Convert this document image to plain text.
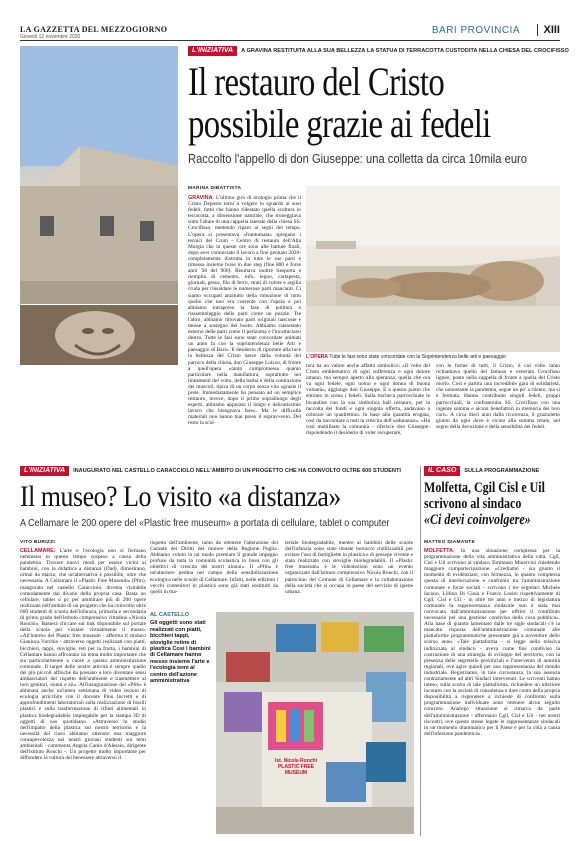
LA GAZZETTA DEL MEZZOGIORNO
Giovedì 12 novembre 2020
BARI PROVINCIA	XIII
L'INIZIATIVA	A GRAVINA RESTITUITA ALLA SUA BELLEZZA LA STATUA DI TERRACOTTA CUSTODITA NELLA CHIESA DEL CROCIFISSO
Il restauro del Cristo
possibile grazie ai fedeli
Raccolto l'appello di don Giuseppe: una colletta da circa 10mila euro
MARINA DIBATTISTA
GRAVINA. L'ultimo giro di orologio prima che il Cristo Deposto torni a volgere lo sguardo ai suoi fedeli; fatto che hanno ridestato quella scultura in terracotta, a dimensione naturale, che troneggiava sotto l'altare di una cappella laterale della chiesa SS. Crocifisso, mettendo riparo ai segni del tempo. L'opera si presentava «frantumata» spiegano i tecnici del Crum - Centro di restauro dell'Alta Murgia che in queste ore sono alle battute finali, dopo aver cominciato il lavoro a fine gennaio 2020- completamente distrutta in tutte le sue parti e rimessa insieme forse in due step (fine 800 e forse anni '30 del 900). Risultava inoltre riesporta e riempita di cemento, tufo, legno, cartapesta, giornali, gesso, filo di ferro, strati di colore e argilla cruda per rinsaldare le numerose parti mancanti. Ci siamo occupati anzitutto della rimozione di tutto quello che non era coerente con l'opera e poi abbiamo intrapreso la fase di pulitura e riassemblaggio delle parti come un puzzle. Tre l'altro, abbiamo ritrovato parti originali nascoste e messe a sostegno del busto. Abbiamo riassestato esterno delle parti come il perizoma e l'incamiciarsi destro. Tutte le fasi sono state concordate animati un anno fa con la soprintendenza belle Arti e paesaggio di Bari». Il desiderio di riportare alla luce la bellezza del Cristo nasce dalla volontà del parroco della chiesa, don Giuseppe Loizzo, di fronte a quell'opera «tanto compromessa quanto particolare nella manifattura, soprattutto nei lineamenti del volto, della barba e della contrazione dei muscoli, tipica di un corpo senza vita «grazie il prete. Immediatamente ho pensato ad un semplice restauro, invece, dopo il primo sopralluogo degli esperti, abbiamo appurato il lungo e delicatissimo lavoro che bisognava fare». Ma le difficoltà materiali non hanno mai preso il sopravvento. Del resto la scul-
L'OPERA Tutte le fasi sono state concordate con la Soprintendenza belle arti e paesaggio
tura ha un valore anche affatto simbolico: «Il volto del Cristo emblematico di ogni sofferenza e ogni dolore umano, ma sempre aperto alla speranza, quella che ora va ogni fedele, ogni uomo e ogni donna di buona volontà», aggiunge don Giuseppe. E a questo punto che entrano in scena i fedeli. Sulla bacheca parrocchiale le locandine con la sua simbolica ball restauro, per la raccolta dei fondi e ogni singola offerta, andavano a colorare un quadrettino. In base alla quantità erogata, così da raccontare a tutti la crescita dell'«adunanza». «Ha così mobilitato la comunità - riferisce don Giuseppe- rispondendo il desiderio di voler recuperare,
con le forme di tutti, il Cristo, il cui volto tanto richiamava quello del famoso e venerato Crocifisso ligneo, posto nella cappella di fronte a quella del Cristo morto. Così e partita una incredibile gara di solidarietà, che nonostante la pandemia, segue un po' a rilento, ma si è fermata. Hanno contribuito singoli fedeli, gruppi parrocchiali, la confraternita SS. Crocifisso con una ingente somma e alcuni benefattori in memoria dei loro cari». A circa dieci anni dalla ricorrenza, il grazioletto giunto da ogni dove è vicino alla somma totale, nel segno della devozione e della sensibilità dei fedeli.
L'INIZIATIVA	INAUGURATO NEL CASTELLO CARACCIOLO NELL'AMBITO DI UN PROGETTO CHE HA COINVOLTO OLTRE 600 STUDENTI
Il museo? Lo visito «a distanza»
A Cellamare le 200 opere del «Plastic free museum» a portata di cellulare, tablet o computer
VITO BURIZZI
CELLAMARE. L'arte e l'ecologia non si fermano nemmeno in questo tempo sospeso a causa della pandemia. Trovare nuovi modi per essere vicini ai bambini, con la didattica a distanza (Dad), dimostrano, ormai da marzo, che un'alternativa è possibile, oltre che necessaria. A Cellamare il «Plastic Free Museum» (Pfm), inaugurato nel castello Caracciolo, diventa visitabile comodamente dal divano della propria casa. Basta un cellulare, tablet o pc per ammirare più di 200 opere realizzate nell'ambito di un progetto che ha coinvolto oltre 600 studenti di scuola dell'infanzia, primaria e secondaria di primo grado dell'istituto comprensivo cittadino «Nicola Ronchi». Basterà cliccare sul link disponibile sul portale della scuola per visitare virtualmente il museo. «All'interno del Plastic free museum - afferma il sindaco Gianluca Vurchio - attraverso oggetti realizzati con piatti, bicchieri, tappi, stoviglie, reti per la frutta, i bambini di Cellamare hanno affrontato un tema molto importante che sta particolarmente a cuore a questa amministrazione comunale. Il target delle nostre attività è sempre quello dei più piccoli affinché da possano a loro diventare sensi ambasciatori del rispetto dell'ambiente e trasmettere ai loro genitori, nonni e zii». All'inaugurazione del «Pfm» è abbinata anche un'intera settimana di video lezioni di ecologia arricchite con il docente Pino Incretti e di approfondimenti laboratoriali sulla realizzazione di fossili plastici e sulla trasformazione di rifiuti alimentari in plastica biodegradabile impiegabile per la stampa 3D di oggetti di uso quotidiano. «Attraverso lo studio dell'impatto della plastica sul nostro territorio e la necessità del riuso abbiamo ottenuto una maggiore consapevolezza nei nostri giovani studenti sui temi ambientali - commenta Angela Canio d'Alessio, dirigente dell'istituto Ronchi -. Un progetto molto importante per diffondere la cultura del benessere attraverso il
rispetto dell'ambiente, tanto da ottenere l'attenzione del Garante dei Diritti del minore della Regione Puglia. Abbiamo voluto in tal modo premiare il grande impegno profuso da tutta la comunità scolastica in linea con gli obiettivi di crescita dei nostri alunni». Il «Pfm» è un'ulteriore pedina nel campo della sensibilizzazione ecologica nelle scuole di Cellamare. Infatti, nelle edizioni i vecchi contenitori in plastica sono già stati sostituiti da quelli in ma-
teriale biodegradabile, mentre ai bambini delle scuole dell'infanzia sono state donate borracce riutilizzabili per evitare l'uso di bottigliette in plastica e di presepe vivente e stato realizzato con stoviglie biodegradabili. Il «Plastic free museum» e le videolezioni sono un evento organizzato dall'istituto comprensivo Nicola Ronchi, con il patrocinio del Comune di Cellamare e la collaborazione della società che si occupa in paese del servizio di igiene urbana.
AL CASTELLO
Gli oggetti sono stati realizzati con piatti, bicchieri tappi, stoviglie retine di plastica Così i bambini di Cellamare hanno messo insieme l'arte e l'ecologia temi al centro dell'azione amministrativa
Ist. Nicola Ronchi PLASTIC FREE MUSEUM
IL CASO	SULLA PROGRAMMAZIONE
Molfetta, Cgil Cisl e Uil
scrivono al sindaco
«Ci devi coinvolgere»
MATTEO DIAMANTE
MOLFETTA. In una situazione complessa per la programmazione della vita amministrativa della città, Cgil, Cisl e Uil scrivono al sindaco Tommaso Minervini chiedendo maggiore compartecipazione. «Crediamo - sia giunto il momento di evidenziare, con fermezza, in quanto complessa questa di interlocuzione e confronto tra l'amministrazione comunale e forze sociali - scrivono i tre segretari Michele Iacono, Lillino Di Gioia e Franco Losito rispettivamente di Cgil, Cisl e Uil - in oltre tre anni e mezzo di legislatura comunale la rappresentanza sindacale non è stata mai convocata dall'amministrazione per offrire il contributo necessario per una gestione condivisa della cosa pubblica». Alla base di quanto lamentato dalle tre sigle sindacali c'è la mancata risposta dell'amministrazione comunale alle piattaforme programmatiche presentate già a novembre dello scorso anno. «Tale piattaforma - si legge nella missiva indirizzata al sindaco - aveva come fine condiviso la costruzione di una strategia di sviluppo del territorio, con la presenza delle segreterie provinciali e l'intervento di autorità regionali, ove agire quindi per una rappresentanza del mondo industriale. Registriamo, in tale circostanza, la sua assenza contrariamente ad altri Sindaci intervenuti. Le scriventi hanno inteso, sulla scorta di tale piattaforma, richiedere un ulteriore incontro con la società di consulenza e dare conto della propria disponibilità a rispondere a richieste di confronto sulla programmazione individuate sono ottenere alcun seguito concreto. Analogo situazione si rimarca da parte dell'amministrazione - affermano Cgil, Cisl e Uil - nei nostri riscontri, ove queste stesse legate le rappresentanze sindacali in un momento drammatico per il Paese e per la città a causa dell'infezione pandemica».
